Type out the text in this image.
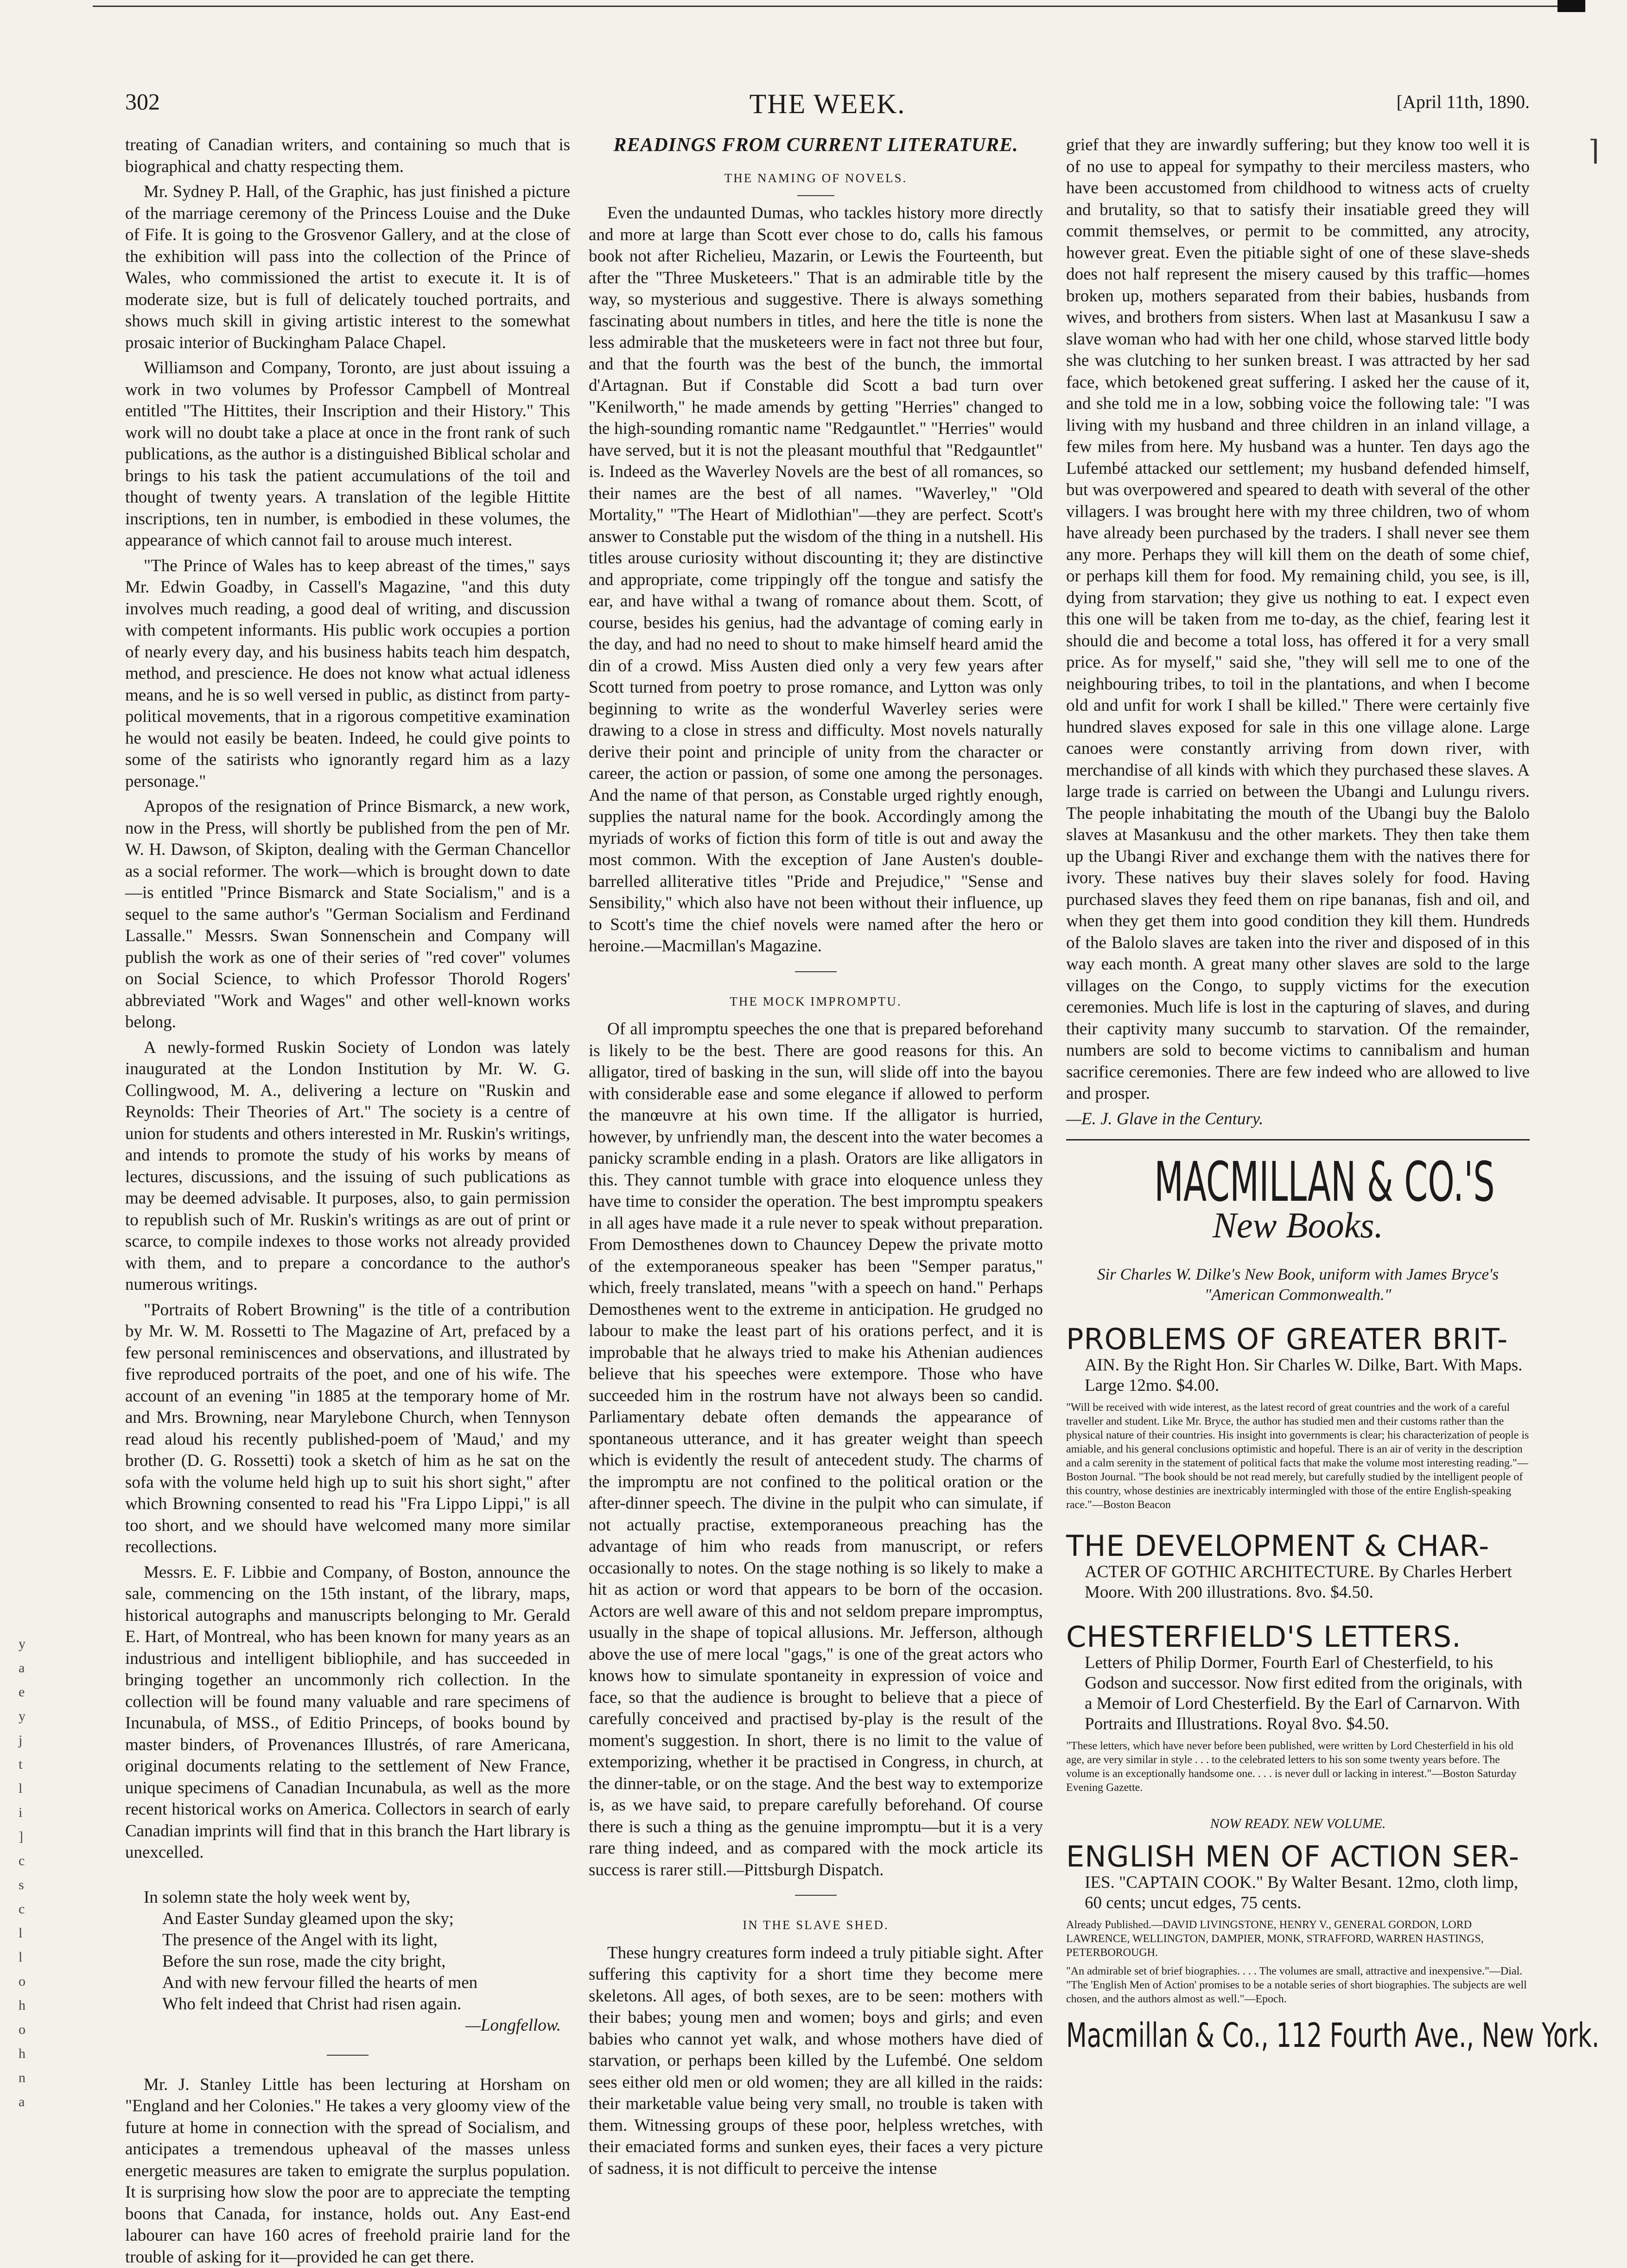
302	THE WEEK.	[April 11th, 1890.
⌉
y
a
e
y
j
t
l
i
]
c
s
c
l
l
o
h
o
h
n
a

treating of Canadian writers, and containing so much that is biographical and chatty respecting them.

Mr. Sydney P. Hall, of the Graphic, has just finished a picture of the marriage ceremony of the Princess Louise and the Duke of Fife. It is going to the Grosvenor Gallery, and at the close of the exhibition will pass into the collection of the Prince of Wales, who commissioned the artist to execute it. It is of moderate size, but is full of delicately touched portraits, and shows much skill in giving artistic interest to the somewhat prosaic interior of Buckingham Palace Chapel.

Williamson and Company, Toronto, are just about issuing a work in two volumes by Professor Campbell of Montreal entitled "The Hittites, their Inscription and their History." This work will no doubt take a place at once in the front rank of such publications, as the author is a distinguished Biblical scholar and brings to his task the patient accumulations of the toil and thought of twenty years. A translation of the legible Hittite inscriptions, ten in number, is embodied in these volumes, the appearance of which cannot fail to arouse much interest.

"The Prince of Wales has to keep abreast of the times," says Mr. Edwin Goadby, in Cassell's Magazine, "and this duty involves much reading, a good deal of writing, and discussion with competent informants. His public work occupies a portion of nearly every day, and his business habits teach him despatch, method, and prescience. He does not know what actual idleness means, and he is so well versed in public, as distinct from party-political movements, that in a rigorous competitive examination he would not easily be beaten. Indeed, he could give points to some of the satirists who ignorantly regard him as a lazy personage."

Apropos of the resignation of Prince Bismarck, a new work, now in the Press, will shortly be published from the pen of Mr. W. H. Dawson, of Skipton, dealing with the German Chancellor as a social reformer. The work—which is brought down to date—is entitled "Prince Bismarck and State Socialism," and is a sequel to the same author's "German Socialism and Ferdinand Lassalle." Messrs. Swan Sonnenschein and Company will publish the work as one of their series of "red cover" volumes on Social Science, to which Professor Thorold Rogers' abbreviated "Work and Wages" and other well-known works belong.

A newly-formed Ruskin Society of London was lately inaugurated at the London Institution by Mr. W. G. Collingwood, M. A., delivering a lecture on "Ruskin and Reynolds: Their Theories of Art." The society is a centre of union for students and others interested in Mr. Ruskin's writings, and intends to promote the study of his works by means of lectures, discussions, and the issuing of such publications as may be deemed advisable. It purposes, also, to gain permission to republish such of Mr. Ruskin's writings as are out of print or scarce, to compile indexes to those works not already provided with them, and to prepare a concordance to the author's numerous writings.

"Portraits of Robert Browning" is the title of a contribution by Mr. W. M. Rossetti to The Magazine of Art, prefaced by a few personal reminiscences and observations, and illustrated by five reproduced portraits of the poet, and one of his wife. The account of an evening "in 1885 at the temporary home of Mr. and Mrs. Browning, near Marylebone Church, when Tennyson read aloud his recently published-poem of 'Maud,' and my brother (D. G. Rossetti) took a sketch of him as he sat on the sofa with the volume held high up to suit his short sight," after which Browning consented to read his "Fra Lippo Lippi," is all too short, and we should have welcomed many more similar recollections.

Messrs. E. F. Libbie and Company, of Boston, announce the sale, commencing on the 15th instant, of the library, maps, historical autographs and manuscripts belonging to Mr. Gerald E. Hart, of Montreal, who has been known for many years as an industrious and intelligent bibliophile, and has succeeded in bringing together an uncommonly rich collection. In the collection will be found many valuable and rare specimens of Incunabula, of MSS., of Editio Princeps, of books bound by master binders, of Provenances Illustrés, of rare Americana, original documents relating to the settlement of New France, unique specimens of Canadian Incunabula, as well as the more recent historical works on America. Collectors in search of early Canadian imprints will find that in this branch the Hart library is unexcelled.

In solemn state the holy week went by,
And Easter Sunday gleamed upon the sky;
The presence of the Angel with its light,
Before the sun rose, made the city bright,
And with new fervour filled the hearts of men
Who felt indeed that Christ had risen again.
—Longfellow.

Mr. J. Stanley Little has been lecturing at Horsham on "England and her Colonies." He takes a very gloomy view of the future at home in connection with the spread of Socialism, and anticipates a tremendous upheaval of the masses unless energetic measures are taken to emigrate the surplus population. It is surprising how slow the poor are to appreciate the tempting boons that Canada, for instance, holds out. Any East-end labourer can have 160 acres of freehold prairie land for the trouble of asking for it—provided he can get there.

READINGS FROM CURRENT LITERATURE.
THE NAMING OF NOVELS.

Even the undaunted Dumas, who tackles history more directly and more at large than Scott ever chose to do, calls his famous book not after Richelieu, Mazarin, or Lewis the Fourteenth, but after the "Three Musketeers." That is an admirable title by the way, so mysterious and suggestive. There is always something fascinating about numbers in titles, and here the title is none the less admirable that the musketeers were in fact not three but four, and that the fourth was the best of the bunch, the immortal d'Artagnan. But if Constable did Scott a bad turn over "Kenilworth," he made amends by getting "Herries" changed to the high-sounding romantic name "Redgauntlet." "Herries" would have served, but it is not the pleasant mouthful that "Redgauntlet" is. Indeed as the Waverley Novels are the best of all romances, so their names are the best of all names. "Waverley," "Old Mortality," "The Heart of Midlothian"—they are perfect. Scott's answer to Constable put the wisdom of the thing in a nutshell. His titles arouse curiosity without discounting it; they are distinctive and appropriate, come trippingly off the tongue and satisfy the ear, and have withal a twang of romance about them. Scott, of course, besides his genius, had the advantage of coming early in the day, and had no need to shout to make himself heard amid the din of a crowd. Miss Austen died only a very few years after Scott turned from poetry to prose romance, and Lytton was only beginning to write as the wonderful Waverley series were drawing to a close in stress and difficulty. Most novels naturally derive their point and principle of unity from the character or career, the action or passion, of some one among the personages. And the name of that person, as Constable urged rightly enough, supplies the natural name for the book. Accordingly among the myriads of works of fiction this form of title is out and away the most common. With the exception of Jane Austen's double-barrelled alliterative titles "Pride and Prejudice," "Sense and Sensibility," which also have not been without their influence, up to Scott's time the chief novels were named after the hero or heroine.—Macmillan's Magazine.

THE MOCK IMPROMPTU.

Of all impromptu speeches the one that is prepared beforehand is likely to be the best. There are good reasons for this. An alligator, tired of basking in the sun, will slide off into the bayou with considerable ease and some elegance if allowed to perform the manœuvre at his own time. If the alligator is hurried, however, by unfriendly man, the descent into the water becomes a panicky scramble ending in a plash. Orators are like alligators in this. They cannot tumble with grace into eloquence unless they have time to consider the operation. The best impromptu speakers in all ages have made it a rule never to speak without preparation. From Demosthenes down to Chauncey Depew the private motto of the extemporaneous speaker has been "Semper paratus," which, freely translated, means "with a speech on hand." Perhaps Demosthenes went to the extreme in anticipation. He grudged no labour to make the least part of his orations perfect, and it is improbable that he always tried to make his Athenian audiences believe that his speeches were extempore. Those who have succeeded him in the rostrum have not always been so candid. Parliamentary debate often demands the appearance of spontaneous utterance, and it has greater weight than speech which is evidently the result of antecedent study. The charms of the impromptu are not confined to the political oration or the after-dinner speech. The divine in the pulpit who can simulate, if not actually practise, extemporaneous preaching has the advantage of him who reads from manuscript, or refers occasionally to notes. On the stage nothing is so likely to make a hit as action or word that appears to be born of the occasion. Actors are well aware of this and not seldom prepare impromptus, usually in the shape of topical allusions. Mr. Jefferson, although above the use of mere local "gags," is one of the great actors who knows how to simulate spontaneity in expression of voice and face, so that the audience is brought to believe that a piece of carefully conceived and practised by-play is the result of the moment's suggestion. In short, there is no limit to the value of extemporizing, whether it be practised in Congress, in church, at the dinner-table, or on the stage. And the best way to extemporize is, as we have said, to prepare carefully beforehand. Of course there is such a thing as the genuine impromptu—but it is a very rare thing indeed, and as compared with the mock article its success is rarer still.—Pittsburgh Dispatch.

IN THE SLAVE SHED.

These hungry creatures form indeed a truly pitiable sight. After suffering this captivity for a short time they become mere skeletons. All ages, of both sexes, are to be seen: mothers with their babes; young men and women; boys and girls; and even babies who cannot yet walk, and whose mothers have died of starvation, or perhaps been killed by the Lufembé. One seldom sees either old men or old women; they are all killed in the raids: their marketable value being very small, no trouble is taken with them. Witnessing groups of these poor, helpless wretches, with their emaciated forms and sunken eyes, their faces a very picture of sadness, it is not difficult to perceive the intense

grief that they are inwardly suffering; but they know too well it is of no use to appeal for sympathy to their merciless masters, who have been accustomed from childhood to witness acts of cruelty and brutality, so that to satisfy their insatiable greed they will commit themselves, or permit to be committed, any atrocity, however great. Even the pitiable sight of one of these slave-sheds does not half represent the misery caused by this traffic—homes broken up, mothers separated from their babies, husbands from wives, and brothers from sisters. When last at Masankusu I saw a slave woman who had with her one child, whose starved little body she was clutching to her sunken breast. I was attracted by her sad face, which betokened great suffering. I asked her the cause of it, and she told me in a low, sobbing voice the following tale: "I was living with my husband and three children in an inland village, a few miles from here. My husband was a hunter. Ten days ago the Lufembé attacked our settlement; my husband defended himself, but was overpowered and speared to death with several of the other villagers. I was brought here with my three children, two of whom have already been purchased by the traders. I shall never see them any more. Perhaps they will kill them on the death of some chief, or perhaps kill them for food. My remaining child, you see, is ill, dying from starvation; they give us nothing to eat. I expect even this one will be taken from me to-day, as the chief, fearing lest it should die and become a total loss, has offered it for a very small price. As for myself," said she, "they will sell me to one of the neighbouring tribes, to toil in the plantations, and when I become old and unfit for work I shall be killed." There were certainly five hundred slaves exposed for sale in this one village alone. Large canoes were constantly arriving from down river, with merchandise of all kinds with which they purchased these slaves. A large trade is carried on between the Ubangi and Lulungu rivers. The people inhabitating the mouth of the Ubangi buy the Balolo slaves at Masankusu and the other markets. They then take them up the Ubangi River and exchange them with the natives there for ivory. These natives buy their slaves solely for food. Having purchased slaves they feed them on ripe bananas, fish and oil, and when they get them into good condition they kill them. Hundreds of the Balolo slaves are taken into the river and disposed of in this way each month. A great many other slaves are sold to the large villages on the Congo, to supply victims for the execution ceremonies. Much life is lost in the capturing of slaves, and during their captivity many succumb to starvation. Of the remainder, numbers are sold to become victims to cannibalism and human sacrifice ceremonies. There are few indeed who are allowed to live and prosper.

—E. J. Glave in the Century.
MACMILLAN & CO.'S
New Books.
Sir Charles W. Dilke's New Book, uniform with James Bryce's "American Commonwealth."
PROBLEMS OF GREATER BRIT-
AIN. By the Right Hon. Sir Charles W. Dilke, Bart. With Maps. Large 12mo. $4.00.
"Will be received with wide interest, as the latest record of great countries and the work of a careful traveller and student. Like Mr. Bryce, the author has studied men and their customs rather than the physical nature of their countries. His insight into governments is clear; his characterization of people is amiable, and his general conclusions optimistic and hopeful. There is an air of verity in the description and a calm serenity in the statement of political facts that make the volume most interesting reading."—Boston Journal. "The book should be not read merely, but carefully studied by the intelligent people of this country, whose destinies are inextricably intermingled with those of the entire English-speaking race."—Boston Beacon
THE DEVELOPMENT & CHAR-
ACTER OF GOTHIC ARCHITECTURE. By Charles Herbert Moore. With 200 illustrations. 8vo. $4.50.
CHESTERFIELD'S LETTERS.
Letters of Philip Dormer, Fourth Earl of Chesterfield, to his Godson and successor. Now first edited from the originals, with a Memoir of Lord Chesterfield. By the Earl of Carnarvon. With Portraits and Illustrations. Royal 8vo. $4.50.
"These letters, which have never before been published, were written by Lord Chesterfield in his old age, are very similar in style . . . to the celebrated letters to his son some twenty years before. The volume is an exceptionally handsome one. . . . is never dull or lacking in interest."—Boston Saturday Evening Gazette.
NOW READY. NEW VOLUME.
ENGLISH MEN OF ACTION SER-
IES. "CAPTAIN COOK." By Walter Besant. 12mo, cloth limp, 60 cents; uncut edges, 75 cents.
Already Published.—DAVID LIVINGSTONE, HENRY V., GENERAL GORDON, LORD LAWRENCE, WELLINGTON, DAMPIER, MONK, STRAFFORD, WARREN HASTINGS, PETERBOROUGH.
"An admirable set of brief biographies. . . . The volumes are small, attractive and inexpensive."—Dial. "The 'English Men of Action' promises to be a notable series of short biographies. The subjects are well chosen, and the authors almost as well."—Epoch.
Macmillan & Co., 112 Fourth Ave., New York.
